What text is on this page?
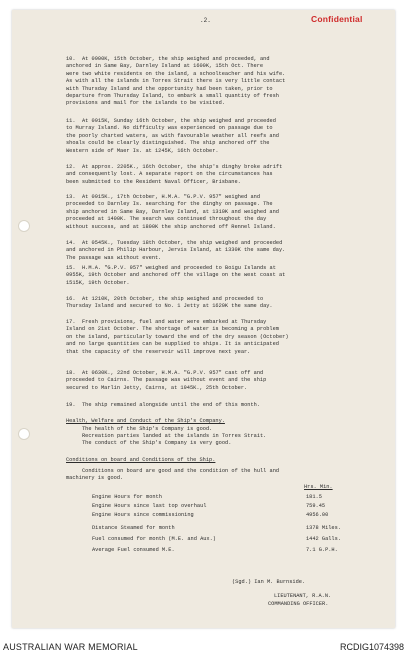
.2.	Confidential
10. At 0900K, 15th October, the ship weighed and proceeded, and
anchored in Same Bay, Darnley Island at 1600K, 15th Oct. There
were two white residents on the island, a schoolteacher and his wife.
As with all the islands in Torres Strait there is very little contact
with Thursday Island and the opportunity had been taken, prior to
departure from Thursday Island, to embark a small quantity of fresh
provisions and mail for the islands to be visited.
11. At 0915K, Sunday 16th October, the ship weighed and proceeded
to Murray Island. No difficulty was experienced on passage due to
the poorly charted waters, as with favourable weather all reefs and
shoals could be clearly distinguished. The ship anchored off the
Western side of Maer Is. at 1245K, 16th October.
12. At approx. 2205K., 16th October, the ship's dinghy broke adrift
and consequently lost. A separate report on the circumstances has
been submitted to the Resident Naval Officer, Brisbane.
13. At 0915K., 17th October, H.M.A. "G.P.V. 957" weighed and
proceeded to Darnley Is. searching for the dinghy on passage. The
ship anchored in Same Bay, Darnley Island, at 1310K and weighed and
proceeded at 1400K. The search was continued throughout the day
without success, and at 1800K the ship anchored off Rennel Island.
14. At 0545K., Tuesday 18th October, the ship weighed and proceeded
and anchored in Philip Harbour, Jervis Island, at 1330K the same day.
The passage was without event.
15. H.M.A. "G.P.V. 957" weighed and proceeded to Boigu Islands at
0955K, 19th October and anchored off the village on the west coast at
1515K, 19th October.
16. At 1210K, 20th October, the ship weighed and proceeded to
Thursday Island and secured to No. 1 Jetty at 1620K the same day.
17. Fresh provisions, fuel and water were embarked at Thursday
Island on 21st October. The shortage of water is becoming a problem
on the island, particularly toward the end of the dry season (October)
and no large quantities can be supplied to ships. It is anticipated
that the capacity of the reservoir will improve next year.
18. At 0630K., 22nd October, H.M.A. "G.P.V. 957" cast off and
proceeded to Cairns. The passage was without event and the ship
secured to Marlin Jetty, Cairns, at 1945K., 25th October.
19. The ship remained alongside until the end of this month.
Health, Welfare and Conduct of the Ship's Company.
The health of the Ship's Company is good.
Recreation parties landed at the islands in Torres Strait.
The conduct of the Ship's Company is very good.
Conditions on board and Conditions of the Ship.
Conditions on board are good and the condition of the hull and
machinery is good.
Hrs. Min.
Engine Hours for month	181.5
Engine Hours since last top overhaul	759.45
Engine Hours since commissioning	4956.00
Distance Steamed for month	1378 Miles.
Fuel consumed for month (M.E. and Aux.)	1442 Galls.
Average Fuel consumed M.E.	7.1 G.P.H.
(Sgd.) Ian M. Burnside.
LIEUTENANT, R.A.N.
COMMANDING OFFICER.
AUSTRALIAN WAR MEMORIAL	RCDIG1074398
